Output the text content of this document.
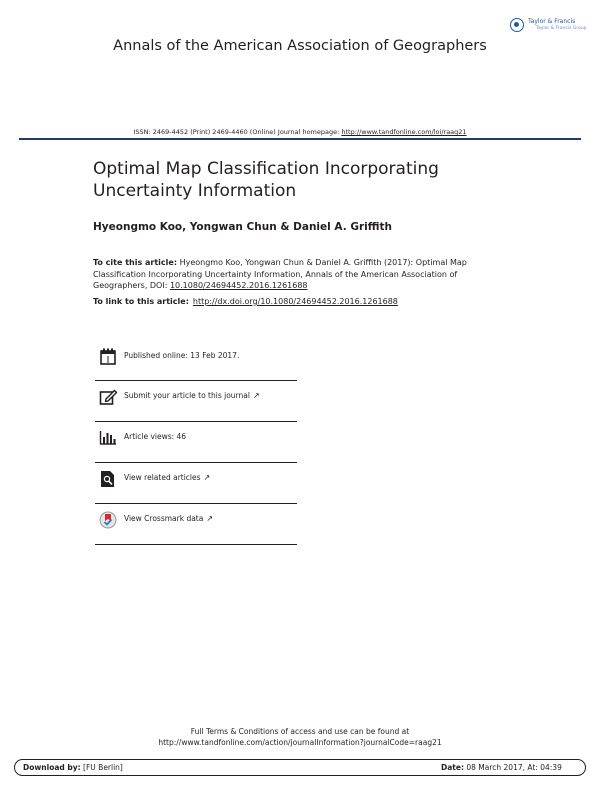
Taylor & Francis
Taylor & Francis Group
Annals of the American Association of Geographers
ISSN: 2469-4452 (Print) 2469-4460 (Online) Journal homepage: http://www.tandfonline.com/loi/raag21
Optimal Map Classification Incorporating
Uncertainty Information
Hyeongmo Koo, Yongwan Chun & Daniel A. Griffith
To cite this article: Hyeongmo Koo, Yongwan Chun & Daniel A. Griffith (2017): Optimal Map
Classification Incorporating Uncertainty Information, Annals of the American Association of
Geographers, DOI: 10.1080/24694452.2016.1261688
To link to this article: http://dx.doi.org/10.1080/24694452.2016.1261688
Published online: 13 Feb 2017.
Submit your article to this journal ↗
Article views: 46
View related articles ↗
View Crossmark data ↗
Full Terms & Conditions of access and use can be found at
http://www.tandfonline.com/action/journalInformation?journalCode=raag21
Download by: [FU Berlin]	Date: 08 March 2017, At: 04:39
